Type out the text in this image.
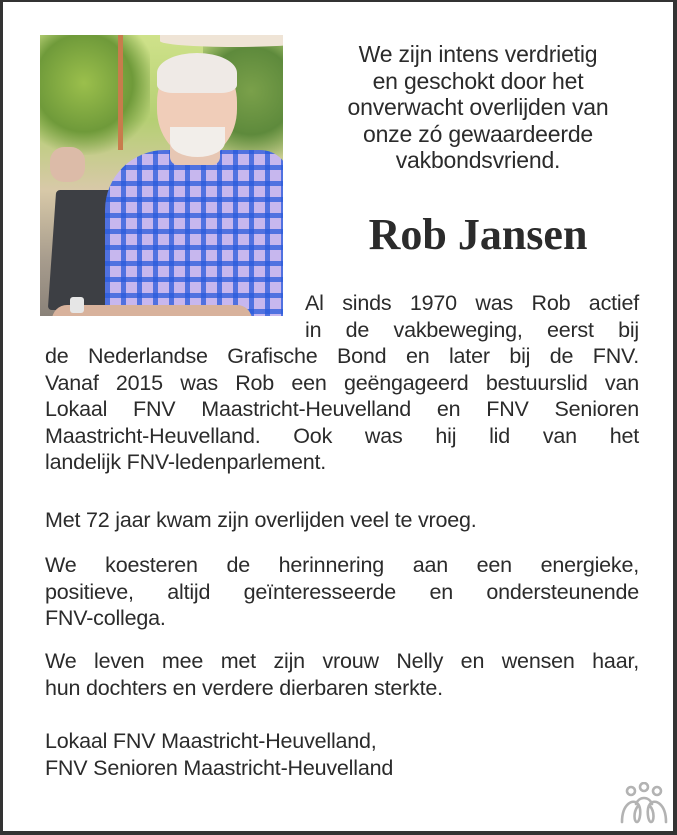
We zijn intens verdrietig
en geschokt door het
onverwacht overlijden van
onze zó gewaardeerde
vakbondsvriend.
Rob Jansen
Al sinds 1970 was Rob actief
in de vakbeweging, eerst bij
de Nederlandse Grafische Bond en later bij de FNV.
Vanaf 2015 was Rob een geëngageerd bestuurslid van
Lokaal FNV Maastricht-Heuvelland en FNV Senioren
Maastricht-Heuvelland. Ook was hij lid van het
landelijk FNV-ledenparlement.
Met 72 jaar kwam zijn overlijden veel te vroeg.
We koesteren de herinnering aan een energieke,
positieve, altijd geïnteresseerde en ondersteunende
FNV-collega.
We leven mee met zijn vrouw Nelly en wensen haar,
hun dochters en verdere dierbaren sterkte.
Lokaal FNV Maastricht-Heuvelland,
FNV Senioren Maastricht-Heuvelland
